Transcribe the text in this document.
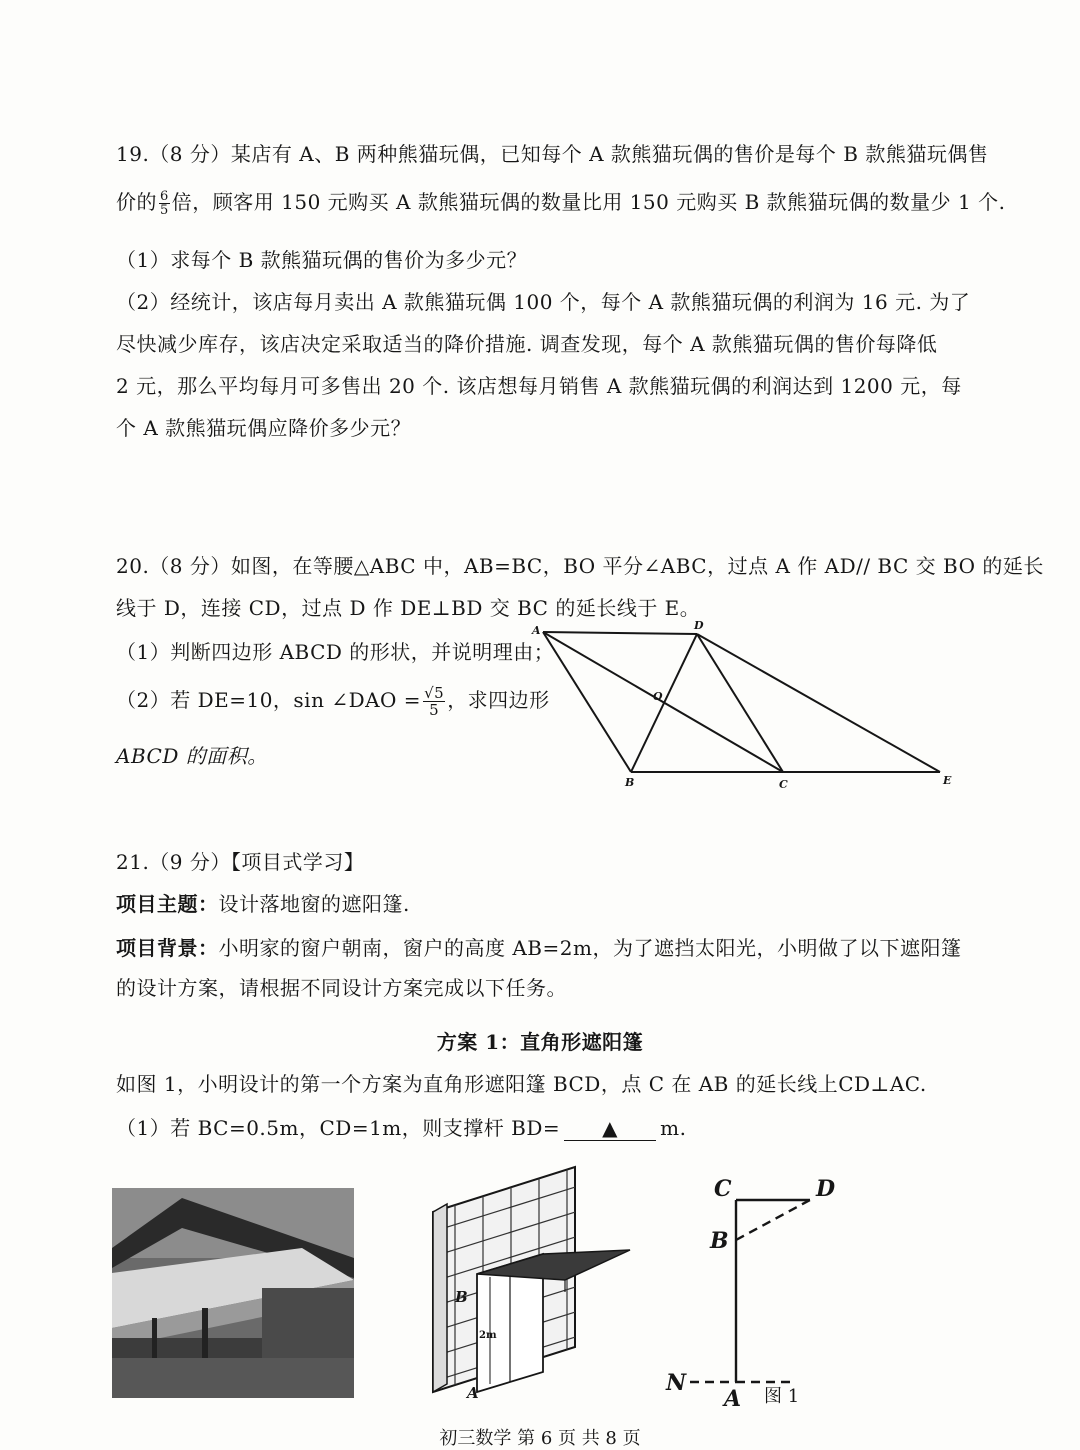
19.（8 分）某店有 A、B 两种熊猫玩偶，已知每个 A 款熊猫玩偶的售价是每个 B 款熊猫玩偶售
价的 $\frac{6}{5}$ 倍，顾客用 150 元购买 A 款熊猫玩偶的数量比用 150 元购买 B 款熊猫玩偶的数量少 1 个.
（1）求每个 B 款熊猫玩偶的售价为多少元？
（2）经统计，该店每月卖出 A 款熊猫玩偶 100 个，每个 A 款熊猫玩偶的利润为 16 元. 为了
尽快减少库存，该店决定采取适当的降价措施. 调查发现，每个 A 款熊猫玩偶的售价每降低
2 元，那么平均每月可多售出 20 个. 该店想每月销售 A 款熊猫玩偶的利润达到 1200 元，每
个 A 款熊猫玩偶应降价多少元？
20.（8 分）如图，在等腰△ABC 中，AB=BC，BO 平分∠ABC，过点 A 作 AD// BC 交 BO 的延长
线于 D，连接 CD，过点 D 作 DE⊥BD 交 BC 的延长线于 E。
（1）判断四边形 ABCD 的形状，并说明理由；
（2）若 DE=10，sin ∠DAO = $\frac{√5}{5}$ ，求四边形
ABCD 的面积。
A	D
O
B	C	E
21.（9 分）【项目式学习】
项目主题：设计落地窗的遮阳篷.
项目背景：小明家的窗户朝南，窗户的高度 AB=2m，为了遮挡太阳光，小明做了以下遮阳篷
的设计方案，请根据不同设计方案完成以下任务。
方案 1：直角形遮阳篷
如图 1，小明设计的第一个方案为直角形遮阳篷 BCD，点 C 在 AB 的延长线上CD⊥AC.
（1）若 BC=0.5m，CD=1m，则支撑杆 BD= ▲ m.
B
2m
A
C	D
B
N
A 图 1
初三数学 第 6 页 共 8 页
